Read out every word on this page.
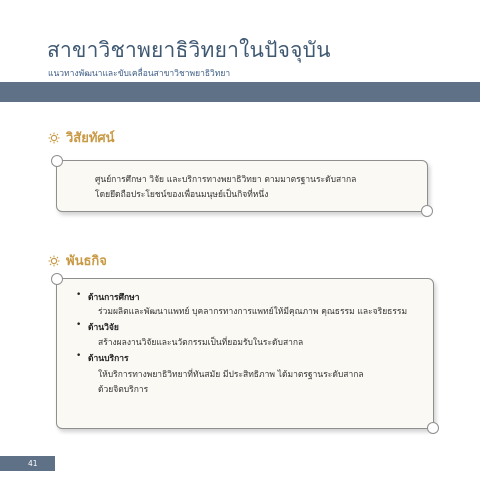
สาขาวิชาพยาธิวิทยาในปัจจุบัน
แนวทางพัฒนาและขับเคลื่อนสาขาวิชาพยาธิวิทยา
วิสัยทัศน์
ศูนย์การศึกษา วิจัย และบริการทางพยาธิวิทยา ตามมาตรฐานระดับสากล
โดยยึดถือประโยชน์ของเพื่อนมนุษย์เป็นกิจที่หนึ่ง
พันธกิจ
• ด้านการศึกษา
ร่วมผลิตและพัฒนาแพทย์ บุคลากรทางการแพทย์ให้มีคุณภาพ คุณธรรม และจริยธรรม
• ด้านวิจัย
สร้างผลงานวิจัยและนวัตกรรมเป็นที่ยอมรับในระดับสากล
• ด้านบริการ
ให้บริการทางพยาธิวิทยาที่ทันสมัย มีประสิทธิภาพ ได้มาตรฐานระดับสากล
ด้วยจิตบริการ
41
